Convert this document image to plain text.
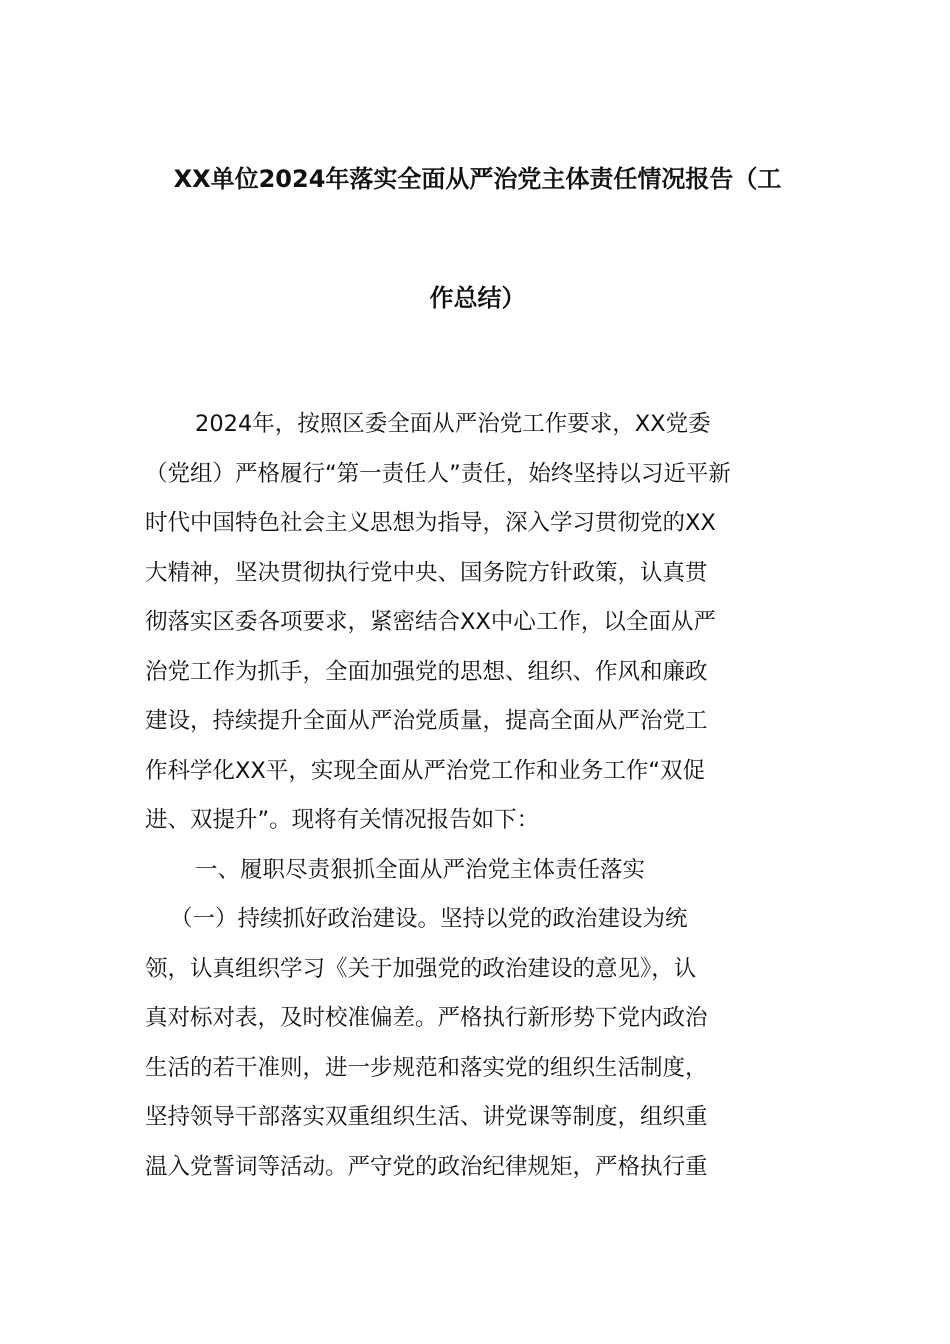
XX单位2024年落实全面从严治党主体责任情况报告（工
作总结）
2024年，按照区委全面从严治党工作要求，XX党委
（党组）严格履行“第一责任人”责任，始终坚持以习近平新
时代中国特色社会主义思想为指导，深入学习贯彻党的XX
大精神，坚决贯彻执行党中央、国务院方针政策，认真贯
彻落实区委各项要求，紧密结合XX中心工作，以全面从严
治党工作为抓手，全面加强党的思想、组织、作风和廉政
建设，持续提升全面从严治党质量，提高全面从严治党工
作科学化XX平，实现全面从严治党工作和业务工作“双促
进、双提升”。现将有关情况报告如下：
一、履职尽责狠抓全面从严治党主体责任落实
（一）持续抓好政治建设。坚持以党的政治建设为统
领，认真组织学习《关于加强党的政治建设的意见》，认
真对标对表，及时校准偏差。严格执行新形势下党内政治
生活的若干准则，进一步规范和落实党的组织生活制度，
坚持领导干部落实双重组织生活、讲党课等制度，组织重
温入党誓词等活动。严守党的政治纪律规矩，严格执行重
